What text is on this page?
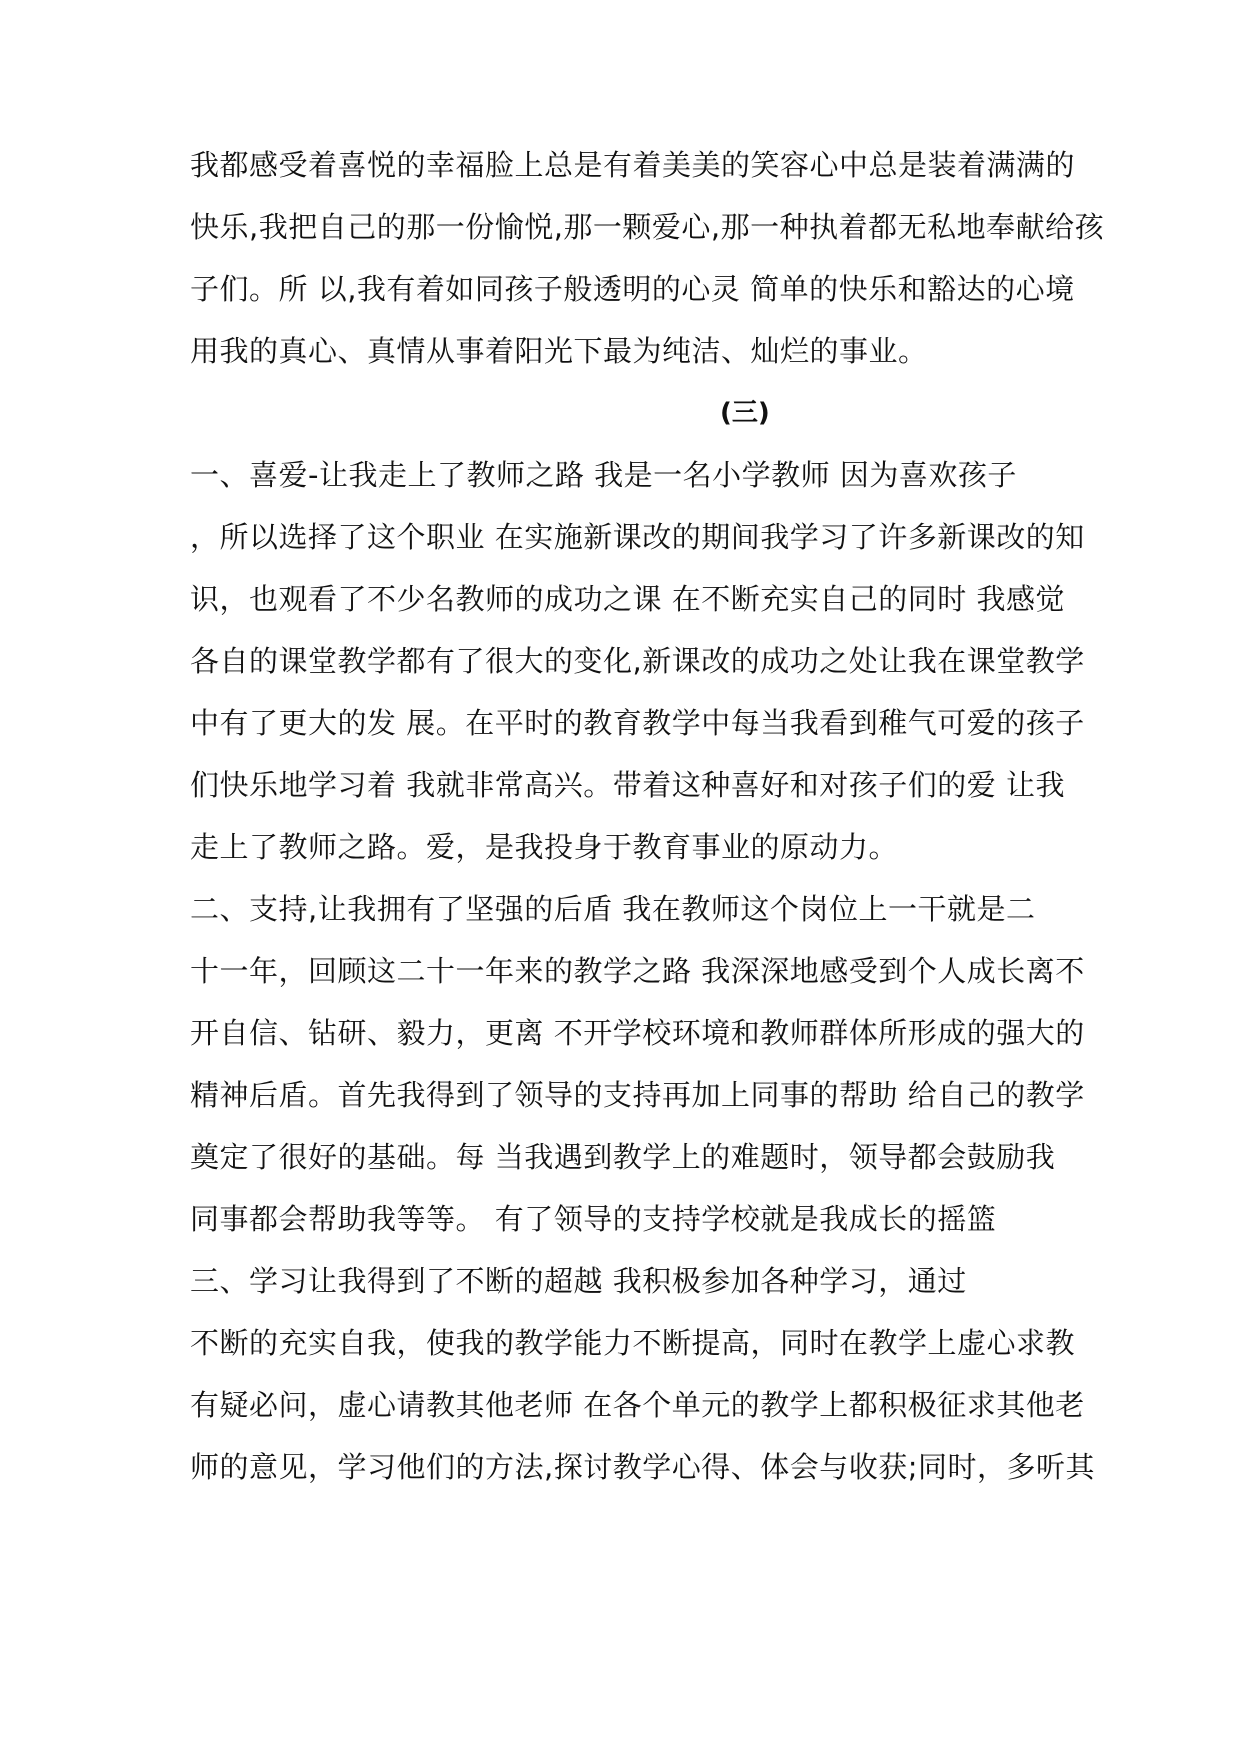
我都感受着喜悦的幸福脸上总是有着美美的笑容心中总是装着满满的
快乐,我把自己的那一份愉悦,那一颗爱心,那一种执着都无私地奉献给孩
子们。所 以,我有着如同孩子般透明的心灵 简单的快乐和豁达的心境
用我的真心、真情从事着阳光下最为纯洁、灿烂的事业。
(三)
一、喜爱-让我走上了教师之路 我是一名小学教师 因为喜欢孩子
，所以选择了这个职业 在实施新课改的期间我学习了许多新课改的知
识，也观看了不少名教师的成功之课 在不断充实自己的同时 我感觉
各自的课堂教学都有了很大的变化,新课改的成功之处让我在课堂教学
中有了更大的发 展。在平时的教育教学中每当我看到稚气可爱的孩子
们快乐地学习着 我就非常高兴。带着这种喜好和对孩子们的爱 让我
走上了教师之路。爱，是我投身于教育事业的原动力。
二、支持,让我拥有了坚强的后盾 我在教师这个岗位上一干就是二
十一年，回顾这二十一年来的教学之路 我深深地感受到个人成长离不
开自信、钻研、毅力，更离 不开学校环境和教师群体所形成的强大的
精神后盾。首先我得到了领导的支持再加上同事的帮助 给自己的教学
奠定了很好的基础。每 当我遇到教学上的难题时，领导都会鼓励我
同事都会帮助我等等。 有了领导的支持学校就是我成长的摇篮
三、学习让我得到了不断的超越 我积极参加各种学习，通过
不断的充实自我，使我的教学能力不断提高，同时在教学上虚心求教
有疑必问，虚心请教其他老师 在各个单元的教学上都积极征求其他老
师的意见，学习他们的方法,探讨教学心得、体会与收获;同时，多听其
